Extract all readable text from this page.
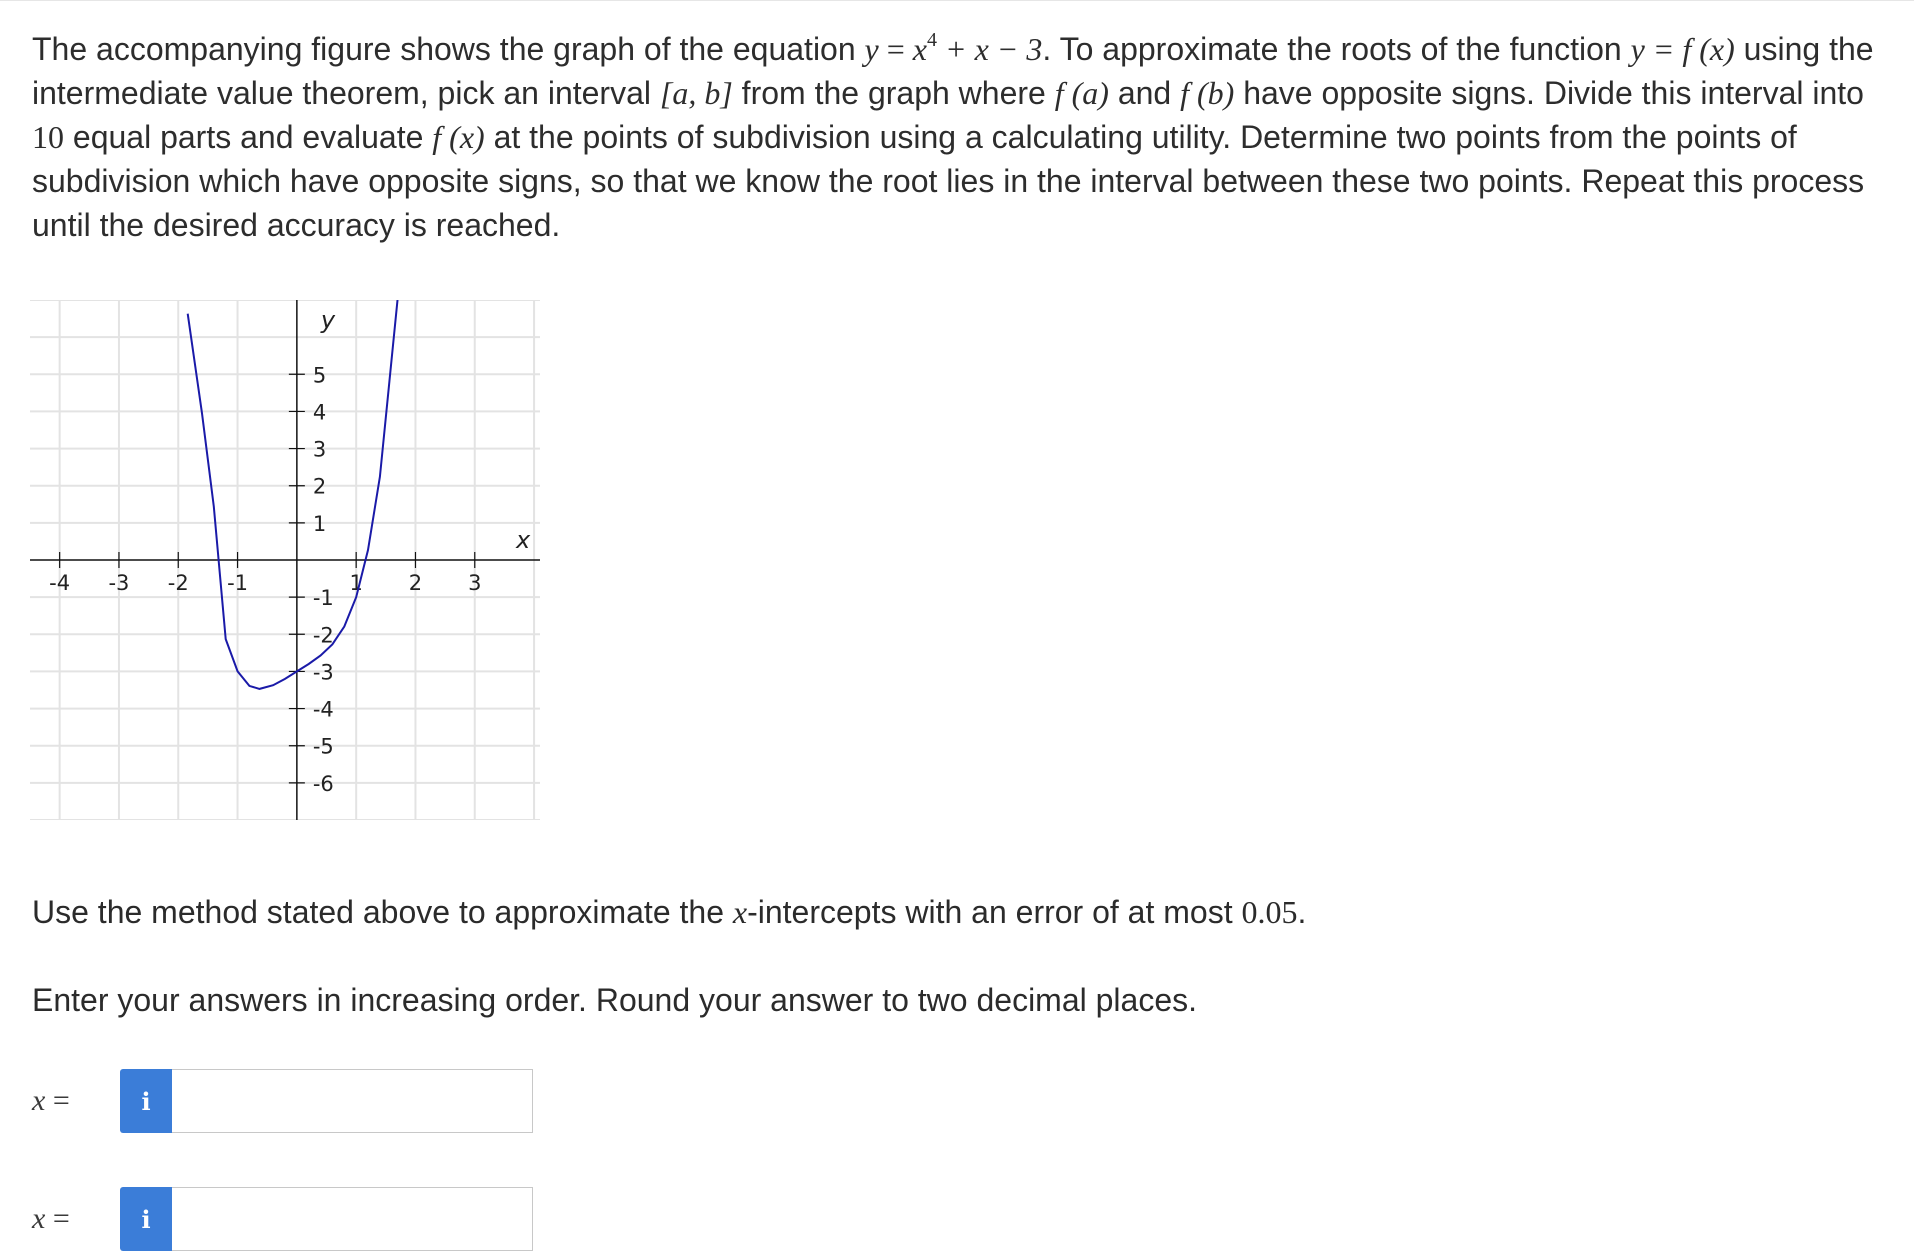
The accompanying figure shows the graph of the equation $y = x^4 + x - 3$. To approximate the roots of the function y = f (x) using the intermediate value theorem, pick an interval [a, b] from the graph where f (a) and f (b) have opposite signs. Divide this interval into 10 equal parts and evaluate f (x) at the points of subdivision using a calculating utility. Determine two points from the points of subdivision which have opposite signs, so that we know the root lies in the interval between these two points. Repeat this process until the desired accuracy is reached.
-4 -3 -2 -1	1 2 3
5
4
3
2
1
-1
-2
-3
-4
-5
-6
x
y
Use the method stated above to approximate the x-intercepts with an error of at most 0.05.
Enter your answers in increasing order. Round your answer to two decimal places.
x =	i
x =	i
